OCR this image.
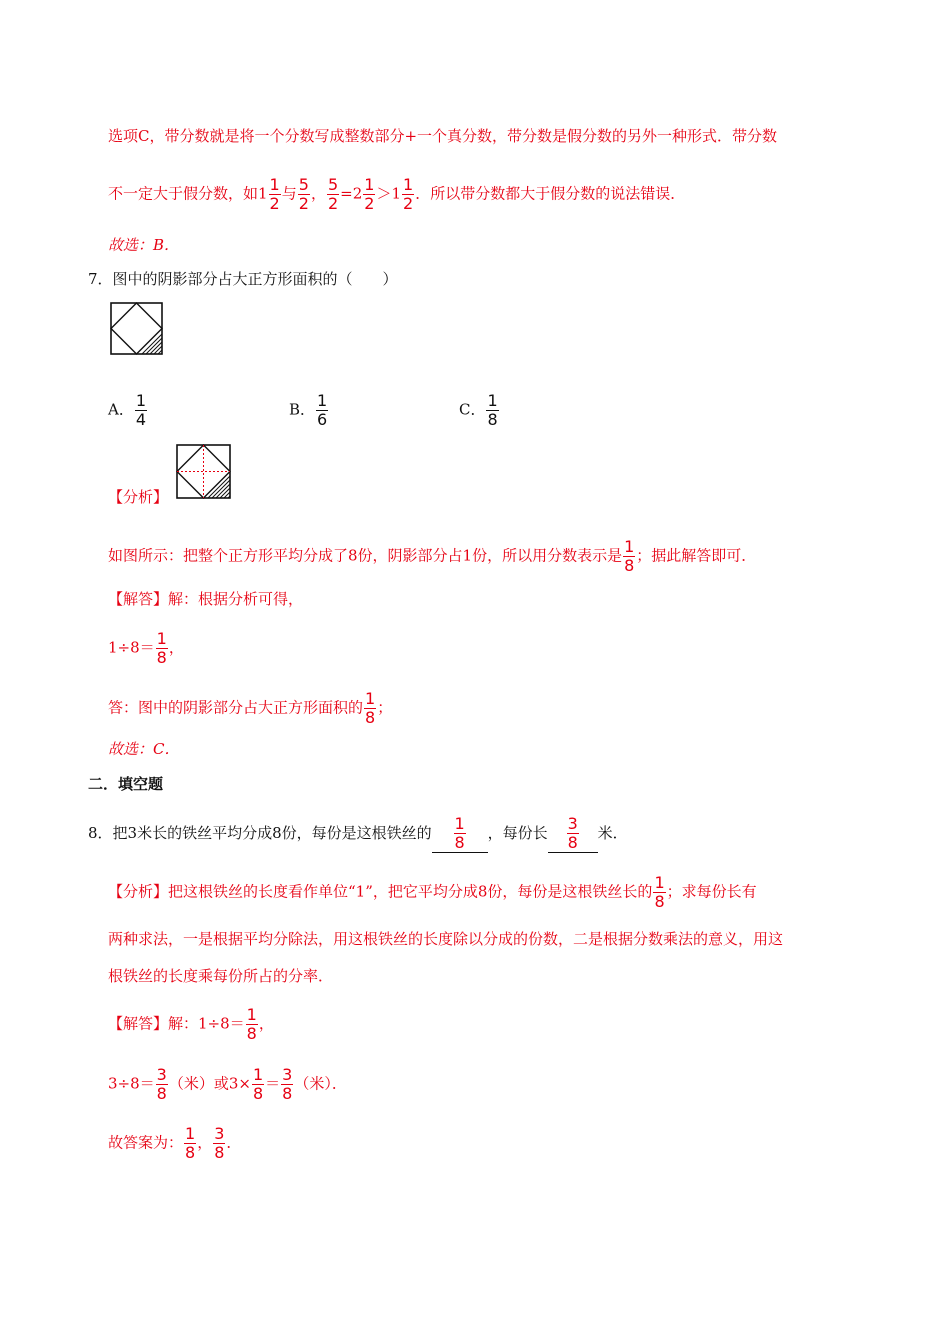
选项C，带分数就是将一个分数写成整数部分+一个真分数，带分数是假分数的另外一种形式．带分数
不一定大于假分数，如$1 \frac{1}{2}$ 与 $\frac{5}{2}$ ， $\frac{5}{2} =2 \frac{1}{2} >1 \frac{1}{2}$ ．所以带分数都大于假分数的说法错误．
故选：B．
7．图中的阴影部分占大正方形面积的（　　）
A． $\frac{1}{4}$	B． $\frac{1}{6}$	C． $\frac{1}{8}$
【分析】
如图所示：把整个正方形平均分成了8份，阴影部分占1份，所以用分数表示是 $\frac{1}{8}$ ；据此解答即可．
【解答】解：根据分析可得，
$1\div 8= \frac{1}{8}$ ，
答：图中的阴影部分占大正方形面积的 $\frac{1}{8}$ ；
故选：C．
二．填空题
8．把3米长的铁丝平均分成8份，每份是这根铁丝的 $\frac{1}{8}$ ，每份长 $\frac{3}{8}$ 米．
【分析】把这根铁丝的长度看作单位“1”，把它平均分成8份，每份是这根铁丝长的 $\frac{1}{8}$ ；求每份长有
两种求法，一是根据平均分除法，用这根铁丝的长度除以分成的份数，二是根据分数乘法的意义，用这
根铁丝的长度乘每份所占的分率．
【解答】解：$1\div 8= \frac{1}{8}$ ，
$3\div 8= \frac{3}{8}$ （米）或$3\times \frac{1}{8} = \frac{3}{8}$ （米）．
故答案为： $\frac{1}{8}$ ， $\frac{3}{8}$ ．
